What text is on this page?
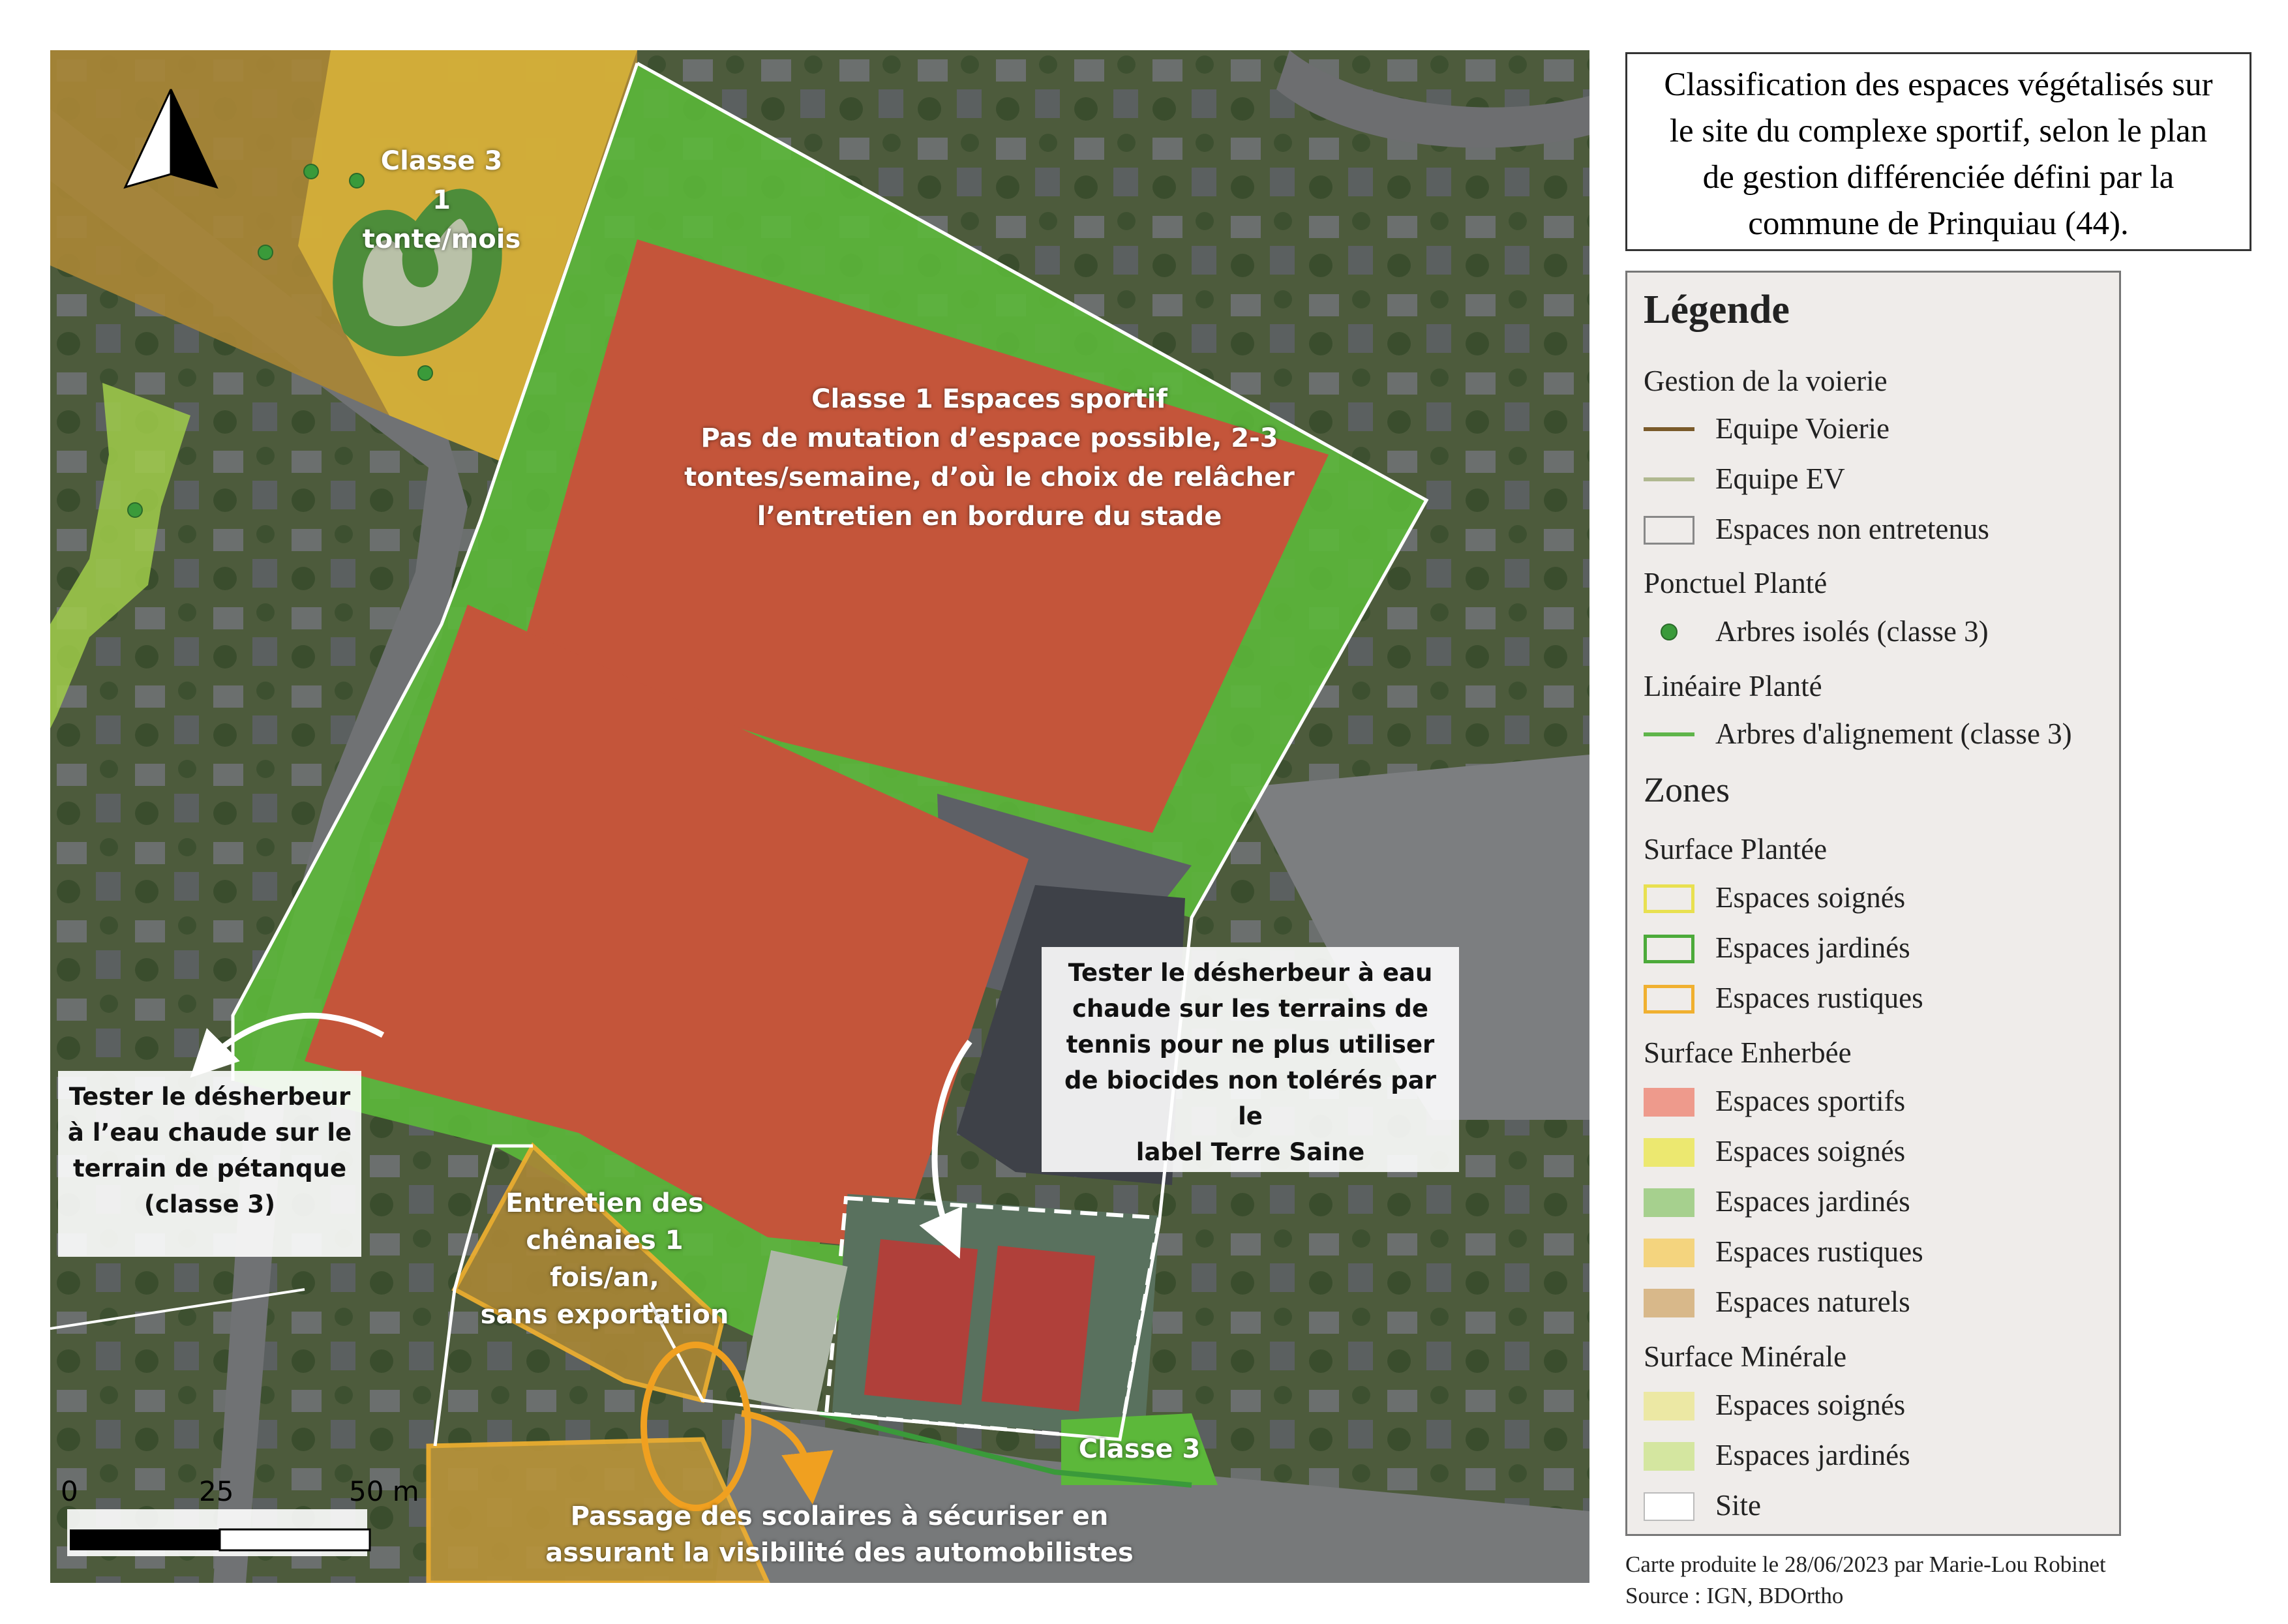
Classe 3
1 tonte/mois
Classe 1 Espaces sportif
Pas de mutation d’espace possible, 2-3
tontes/semaine, d’où le choix de relâcher
l’entretien en bordure du stade
Entretien des
chênaies 1 fois/an,
sans exportation
Classe 3
Passage des scolaires à sécuriser en
assurant la visibilité des automobilistes
Tester le désherbeur
à l’eau chaude sur le
terrain de pétanque
(classe 3)
Tester le désherbeur à eau
chaude sur les terrains de
tennis pour ne plus utiliser
de biocides non tolérés par le
label Terre Saine
0	25	50 m
Classification des espaces végétalisés sur
le site du complexe sportif, selon le plan
de gestion différenciée défini par la
commune de Prinquiau (44).
Légende
Gestion de la voierie
Equipe Voierie
Equipe EV
Espaces non entretenus
Ponctuel Planté
Arbres isolés (classe 3)
Linéaire Planté
Arbres d'alignement (classe 3)
Zones
Surface Plantée
Espaces soignés
Espaces jardinés
Espaces rustiques
Surface Enherbée
Espaces sportifs
Espaces soignés
Espaces jardinés
Espaces rustiques
Espaces naturels
Surface Minérale
Espaces soignés
Espaces jardinés
Site
Carte produite le 28/06/2023 par Marie-Lou Robinet
Source : IGN, BDOrtho
